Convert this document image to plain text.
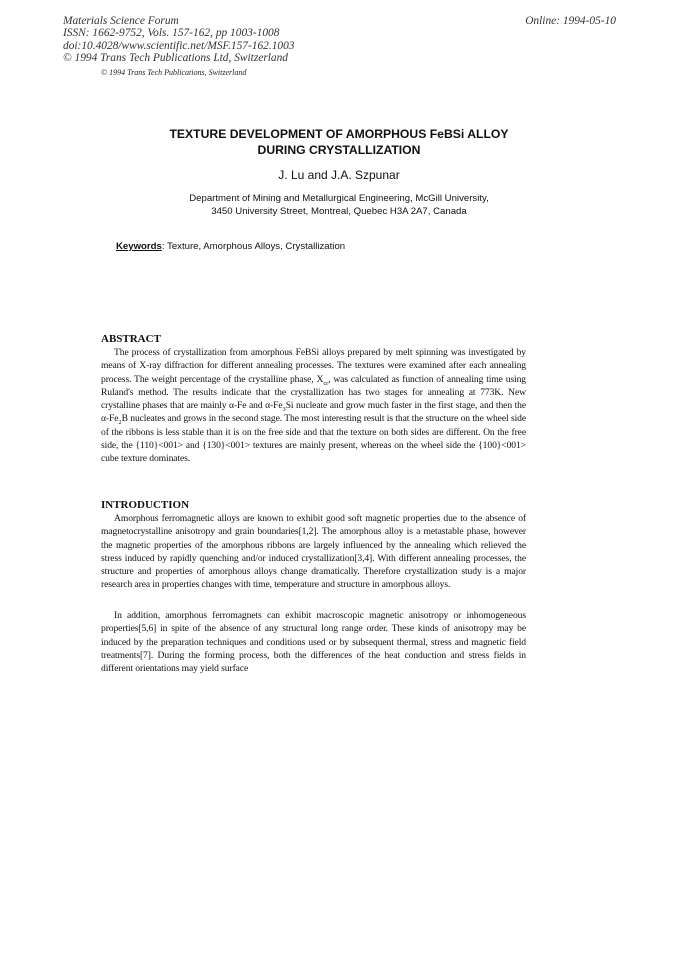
Materials Science Forum
ISSN: 1662-9752, Vols. 157-162, pp 1003-1008
doi:10.4028/www.scientific.net/MSF.157-162.1003
© 1994 Trans Tech Publications Ltd, Switzerland
Online: 1994-05-10
© 1994 Trans Tech Publications, Switzerland
TEXTURE DEVELOPMENT OF AMORPHOUS FeBSi ALLOY
DURING CRYSTALLIZATION
J. Lu and J.A. Szpunar
Department of Mining and Metallurgical Engineering, McGill University,
3450 University Street, Montreal, Quebec H3A 2A7, Canada
Keywords: Texture, Amorphous Alloys, Crystallization
ABSTRACT

The process of crystallization from amorphous FeBSi alloys prepared by melt spinning was investigated by means of X-ray diffraction for different annealing processes. The textures were examined after each annealing process. The weight percentage of the crystalline phase, $X_{cr}$, was calculated as function of annealing time using Ruland's method. The results indicate that the crystallization has two stages for annealing at 773K. New crystalline phases that are mainly α-Fe and $\alpha-Fe_3Si$ nucleate and grow much faster in the first stage, and then the $\alpha-Fe_2B$ nucleates and grows in the second stage. The most interesting result is that the structure on the wheel side of the ribbons is less stable than it is on the free side and that the texture on both sides are different. On the free side, the {110}<001> and {130}<001> textures are mainly present, whereas on the wheel side the {100}<001> cube texture dominates.

INTRODUCTION

Amorphous ferromagnetic alloys are known to exhibit good soft magnetic properties due to the absence of magnetocrystalline anisotropy and grain boundaries[1,2]. The amorphous alloy is a metastable phase, however the magnetic properties of the amorphous ribbons are largely influenced by the annealing which relieved the stress induced by rapidly quenching and/or induced crystallization[3,4]. With different annealing processes, the structure and properties of amorphous alloys change dramatically. Therefore crystallization study is a major research area in properties changes with time, temperature and structure in amorphous alloys.

In addition, amorphous ferromagnets can exhibit macroscopic magnetic anisotropy or inhomogeneous properties[5,6] in spite of the absence of any structural long range order. These kinds of anisotropy may be induced by the preparation techniques and conditions used or by subsequent thermal, stress and magnetic field treatments[7]. During the forming process, both the differences of the heat conduction and stress fields in different orientations may yield surface
